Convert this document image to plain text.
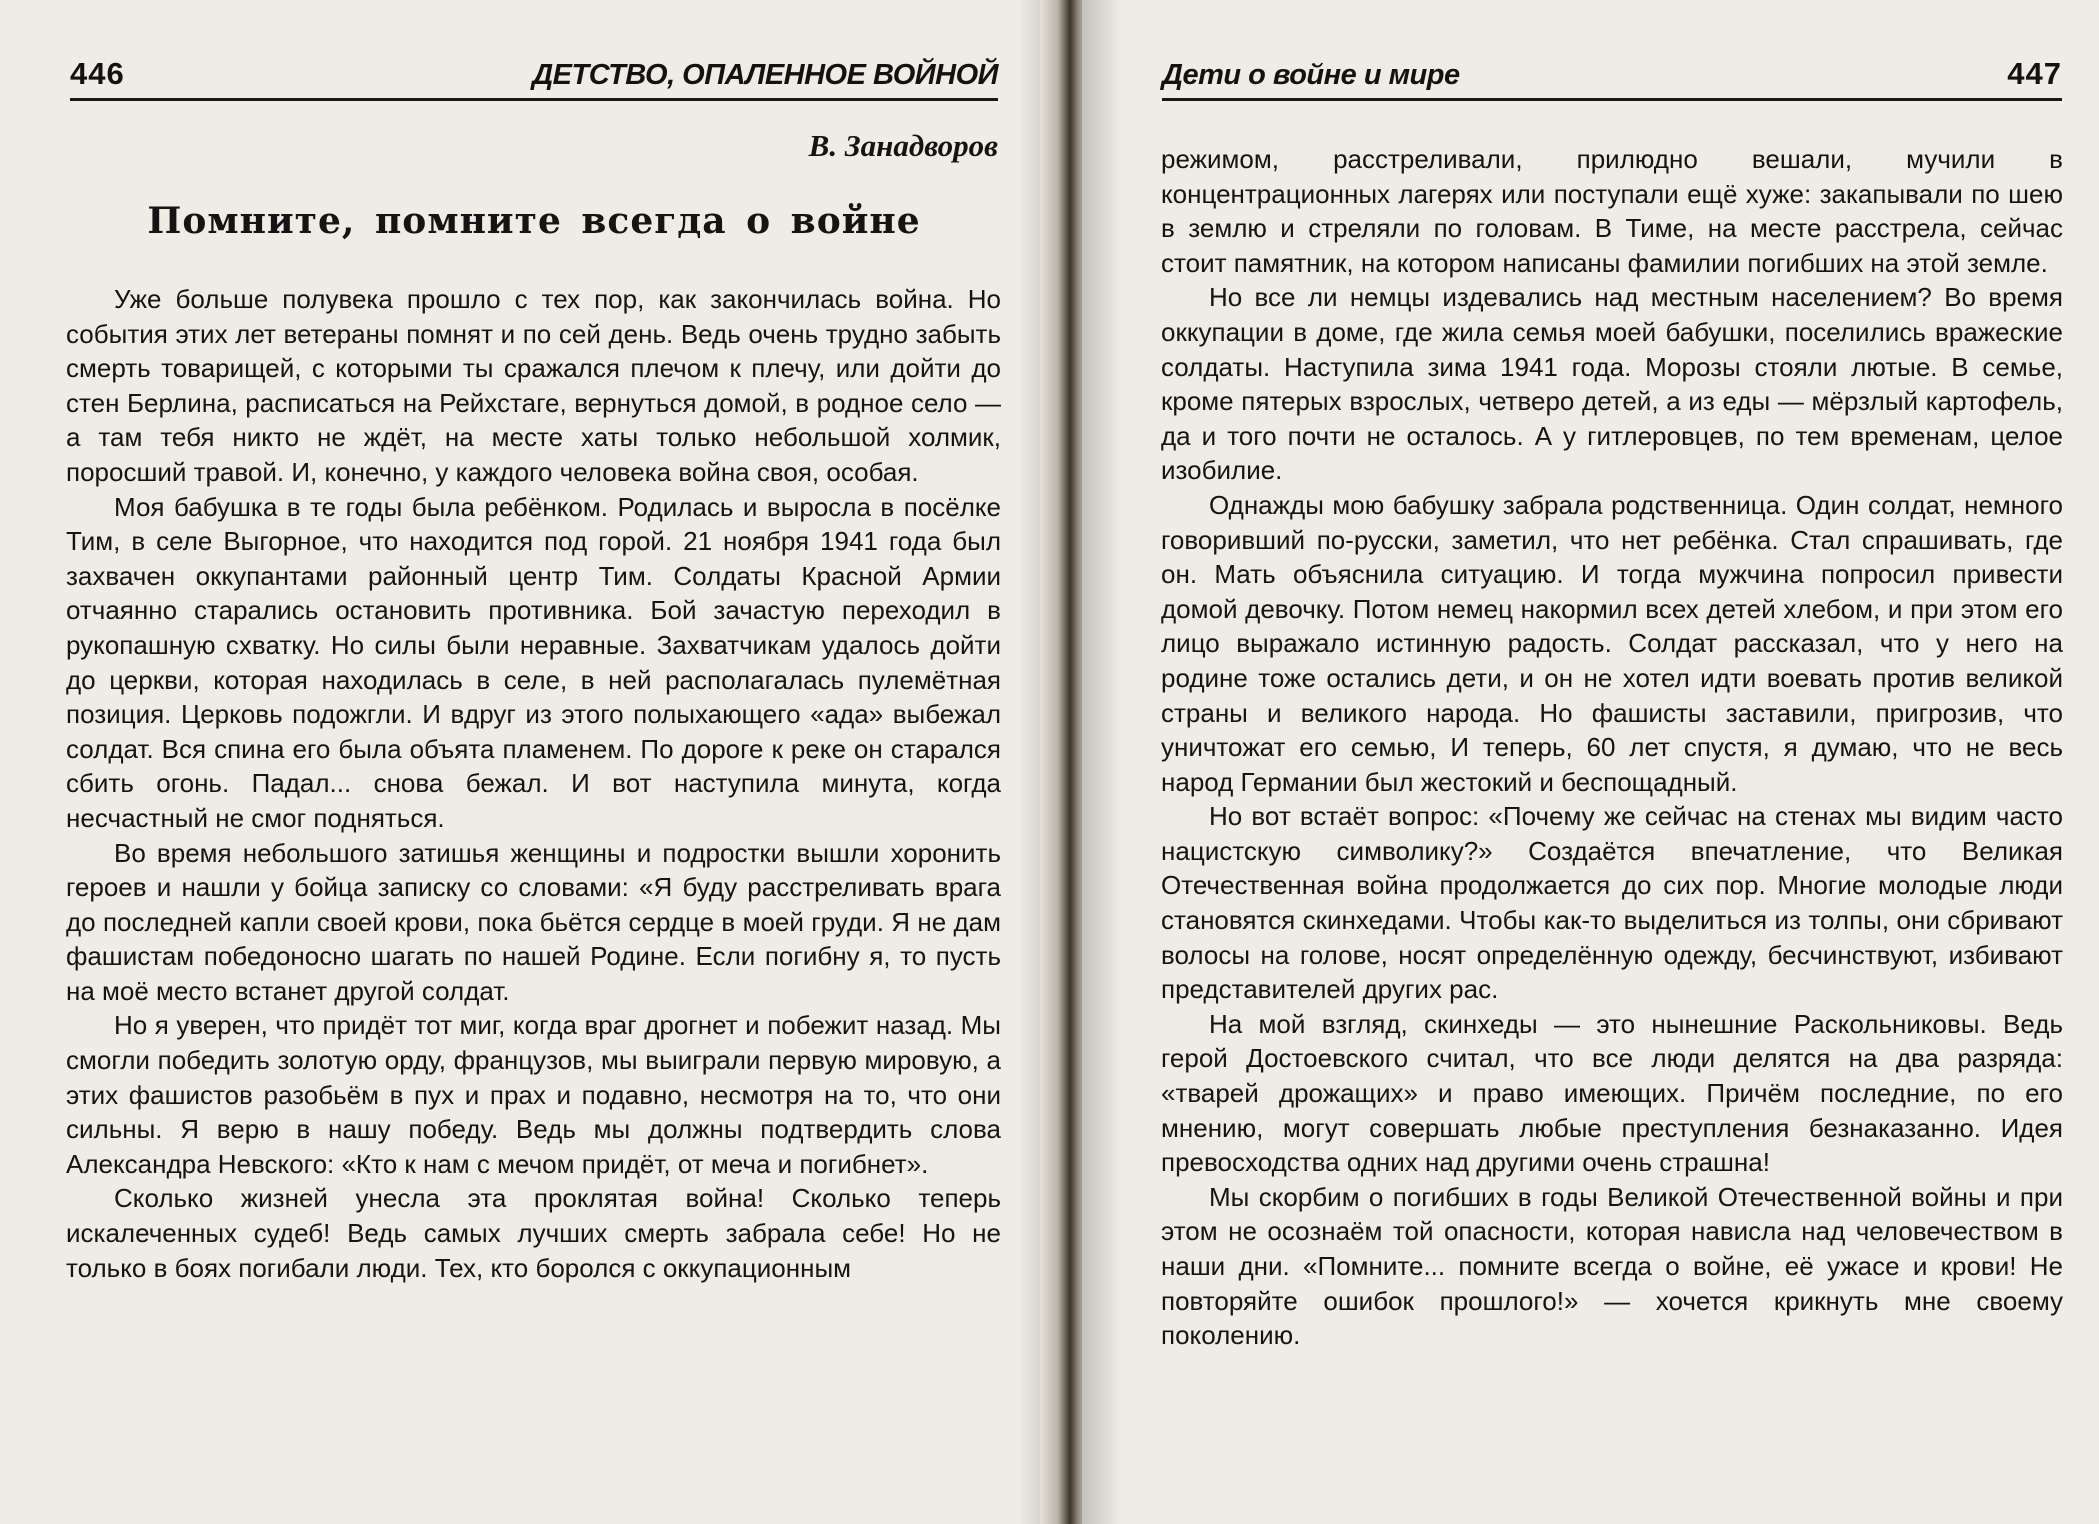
446	ДЕТСТВО, ОПАЛЕННОЕ ВОЙНОЙ
В. Занадворов
Помните, помните всегда о войне

Уже больше полувека прошло с тех пор, как закончилась война. Но события этих лет ветераны помнят и по сей день. Ведь очень трудно забыть смерть товарищей, с которыми ты сражался плечом к плечу, или дойти до стен Берлина, расписаться на Рейхстаге, вернуться домой, в родное село — а там тебя никто не ждёт, на месте хаты только небольшой холмик, поросший травой. И, конечно, у каждого человека война своя, особая.

Моя бабушка в те годы была ребёнком. Родилась и выросла в посёлке Тим, в селе Выгорное, что находится под горой. 21 ноября 1941 года был захвачен оккупантами районный центр Тим. Солдаты Красной Армии отчаянно старались остановить противника. Бой зачастую переходил в рукопашную схватку. Но силы были неравные. Захватчикам удалось дойти до церкви, которая находилась в селе, в ней располагалась пулемётная позиция. Церковь подожгли. И вдруг из этого полыхающего «ада» выбежал солдат. Вся спина его была объята пламенем. По дороге к реке он старался сбить огонь. Падал... снова бежал. И вот наступила минута, когда несчастный не смог подняться.

Во время небольшого затишья женщины и подростки вышли хоронить героев и нашли у бойца записку со словами: «Я буду расстреливать врага до последней капли своей крови, пока бьётся сердце в моей груди. Я не дам фашистам победоносно шагать по нашей Родине. Если погибну я, то пусть на моё место встанет другой солдат.

Но я уверен, что придёт тот миг, когда враг дрогнет и побежит назад. Мы смогли победить золотую орду, французов, мы выиграли первую мировую, а этих фашистов разобьём в пух и прах и подавно, несмотря на то, что они сильны. Я верю в нашу победу. Ведь мы должны подтвердить слова Александра Невского: «Кто к нам с мечом придёт, от меча и погибнет».

Сколько жизней унесла эта проклятая война! Сколько теперь искалеченных судеб! Ведь самых лучших смерть забрала себе! Но не только в боях погибали люди. Тех, кто боролся с оккупационным

Дети о войне и мире	447

режимом, расстреливали, прилюдно вешали, мучили в концентрационных лагерях или поступали ещё хуже: закапывали по шею в землю и стреляли по головам. В Тиме, на месте расстрела, сейчас стоит памятник, на котором написаны фамилии погибших на этой земле.

Но все ли немцы издевались над местным населением? Во время оккупации в доме, где жила семья моей бабушки, поселились вражеские солдаты. Наступила зима 1941 года. Морозы стояли лютые. В семье, кроме пятерых взрослых, четверо детей, а из еды — мёрзлый картофель, да и того почти не осталось. А у гитлеровцев, по тем временам, целое изобилие.

Однажды мою бабушку забрала родственница. Один солдат, немного говоривший по-русски, заметил, что нет ребёнка. Стал спрашивать, где он. Мать объяснила ситуацию. И тогда мужчина попросил привести домой девочку. Потом немец накормил всех детей хлебом, и при этом его лицо выражало истинную радость. Солдат рассказал, что у него на родине тоже остались дети, и он не хотел идти воевать против великой страны и великого народа. Но фашисты заставили, пригрозив, что уничтожат его семью, И теперь, 60 лет спустя, я думаю, что не весь народ Германии был жестокий и беспощадный.

Но вот встаёт вопрос: «Почему же сейчас на стенах мы видим часто нацистскую символику?» Создаётся впечатление, что Великая Отечественная война продолжается до сих пор. Многие молодые люди становятся скинхедами. Чтобы как-то выделиться из толпы, они сбривают волосы на голове, носят определённую одежду, бесчинствуют, избивают представителей других рас.

На мой взгляд, скинхеды — это нынешние Раскольниковы. Ведь герой Достоевского считал, что все люди делятся на два разряда: «тварей дрожащих» и право имеющих. Причём последние, по его мнению, могут совершать любые преступления безнаказанно. Идея превосходства одних над другими очень страшна!

Мы скорбим о погибших в годы Великой Отечественной войны и при этом не осознаём той опасности, которая нависла над человечеством в наши дни. «Помните... помните всегда о войне, её ужасе и крови! Не повторяйте ошибок прошлого!» — хочется крикнуть мне своему поколению.
